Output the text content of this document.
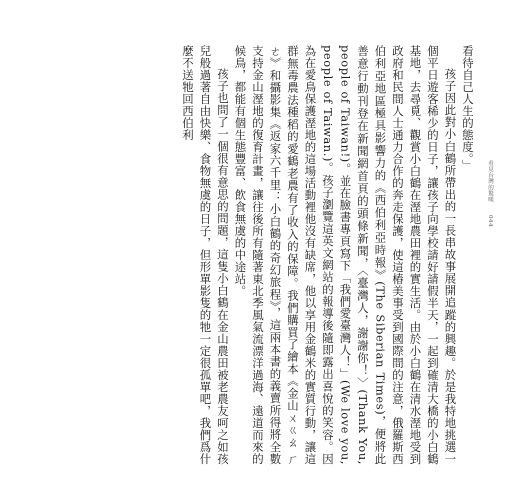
看待自己人生的態度。」

孩子因此對小白鶴所帶出的一長串故事展開追蹤的興趣。於是我特地挑選一個平日遊客稀少的日子，讓孩子向學校請好請假半天，一起到確清大橋的小白鶴基地，去尋覓、觀賞小白鶴在溼地農田裡的實生活。由於小白鶴在清水溼地受到政府和民間人士通力合作的奔走保護，使這椿美事受到國際間的注意，俄羅斯西伯利亞地區極具影響力的《西伯利亞時報》(The Siberian Times)，便將此善意行動刊登在新聞網首頁的頭條新聞，〈臺灣人，謝謝你！〉(Thank You, people of Taiwan!)。並在臉書專頁寫下「我們愛臺灣人！」(We love you, people of Taiwan.)。孩子瀏覽這英文網站的報導後隨即露出喜悅的笑容。因為在愛鳥保護溼地的這場活動裡他沒有缺席，他以享用金鶴米的實質行動，讓這群無毒農法種稻的愛鶴老農有了收入的保障。我們購買了繪本《金山ㄨㄍㄠ ㄏㄜ》和攝影集《返家六千里：小白鶴的奇幻旅程》，這兩本書的義賣所得將全數支持金山溼地的復育計畫，讓往後所有隨著東北季風氣流漂洋過海、遠道而來的候鳥，都能有個生態豐富、飲食無虞的中途站。

孩子也問了一個很有意思的問題，這隻小白鶴在金山農田被老農友呵之如孩兒般過著自由快樂、食物無虞的日子，但形單影隻的牠一定很孤單吧，我們爲什麼不送牠回西伯利

看見台灣的驚嘆 044
